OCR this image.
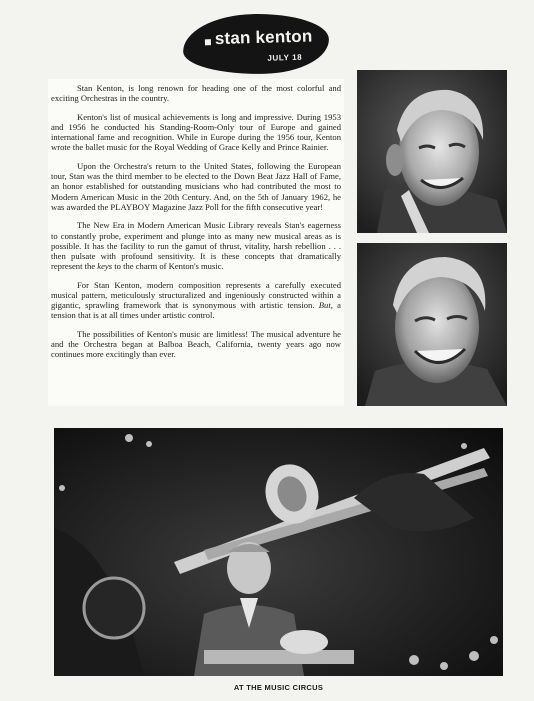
stan kenton
JULY 18

Stan Kenton, is long renown for heading one of the most colorful and exciting Orchestras in the country.

Kenton's list of musical achievements is long and impressive. During 1953 and 1956 he conducted his Standing-Room-Only tour of Europe and gained international fame and recognition. While in Europe during the 1956 tour, Kenton wrote the ballet music for the Royal Wedding of Grace Kelly and Prince Rainier.

Upon the Orchestra's return to the United States, following the European tour, Stan was the third member to be elected to the Down Beat Jazz Hall of Fame, an honor established for outstanding musicians who had contributed the most to Modern American Music in the 20th Century. And, on the 5th of January 1962, he was awarded the PLAYBOY Magazine Jazz Poll for the fifth consecutive year!

The New Era in Modern American Music Library reveals Stan's eagerness to constantly probe, experiment and plunge into as many new musical areas as is possible. It has the facility to run the gamut of thrust, vitality, harsh rebellion . . . then pulsate with profound sensitivity. It is these concepts that dramatically represent the keys to the charm of Kenton's music.

For Stan Kenton, modern composition represents a carefully executed musical pattern, meticulously structuralized and ingeniously constructed within a gigantic, sprawling framework that is synonymous with artistic tension. But, a tension that is at all times under artistic control.

The possibilities of Kenton's music are limitless! The musical adventure he and the Orchestra began at Balboa Beach, California, twenty years ago now continues more excitingly than ever.

AT THE MUSIC CIRCUS
